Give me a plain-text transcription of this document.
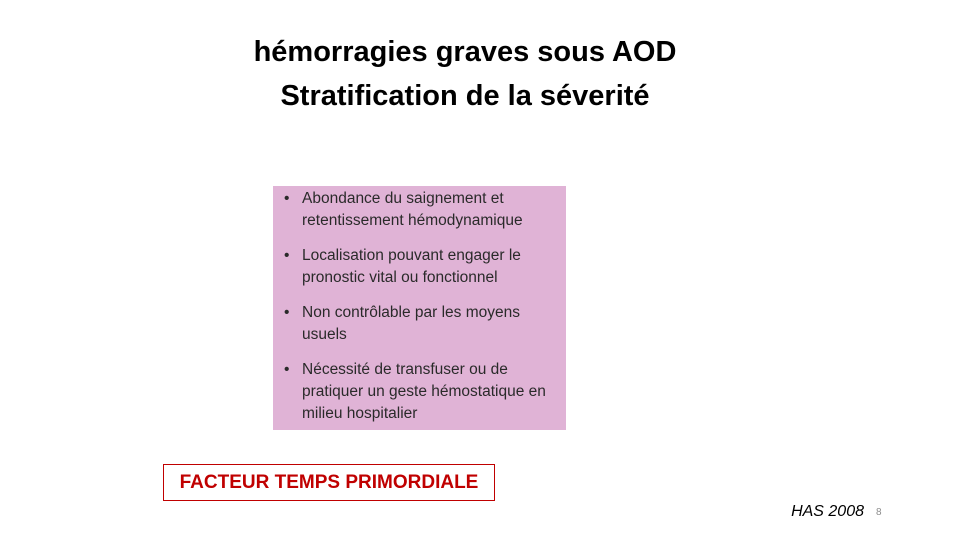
hémorragies graves sous AOD
Stratification de la séverité
• Abondance du saignement et retentissement hémodynamique
• Localisation pouvant engager le pronostic vital ou fonctionnel
• Non contrôlable par les moyens usuels
• Nécessité de transfuser ou de pratiquer un geste hémostatique en milieu hospitalier
FACTEUR TEMPS PRIMORDIALE
HAS 2008 8
